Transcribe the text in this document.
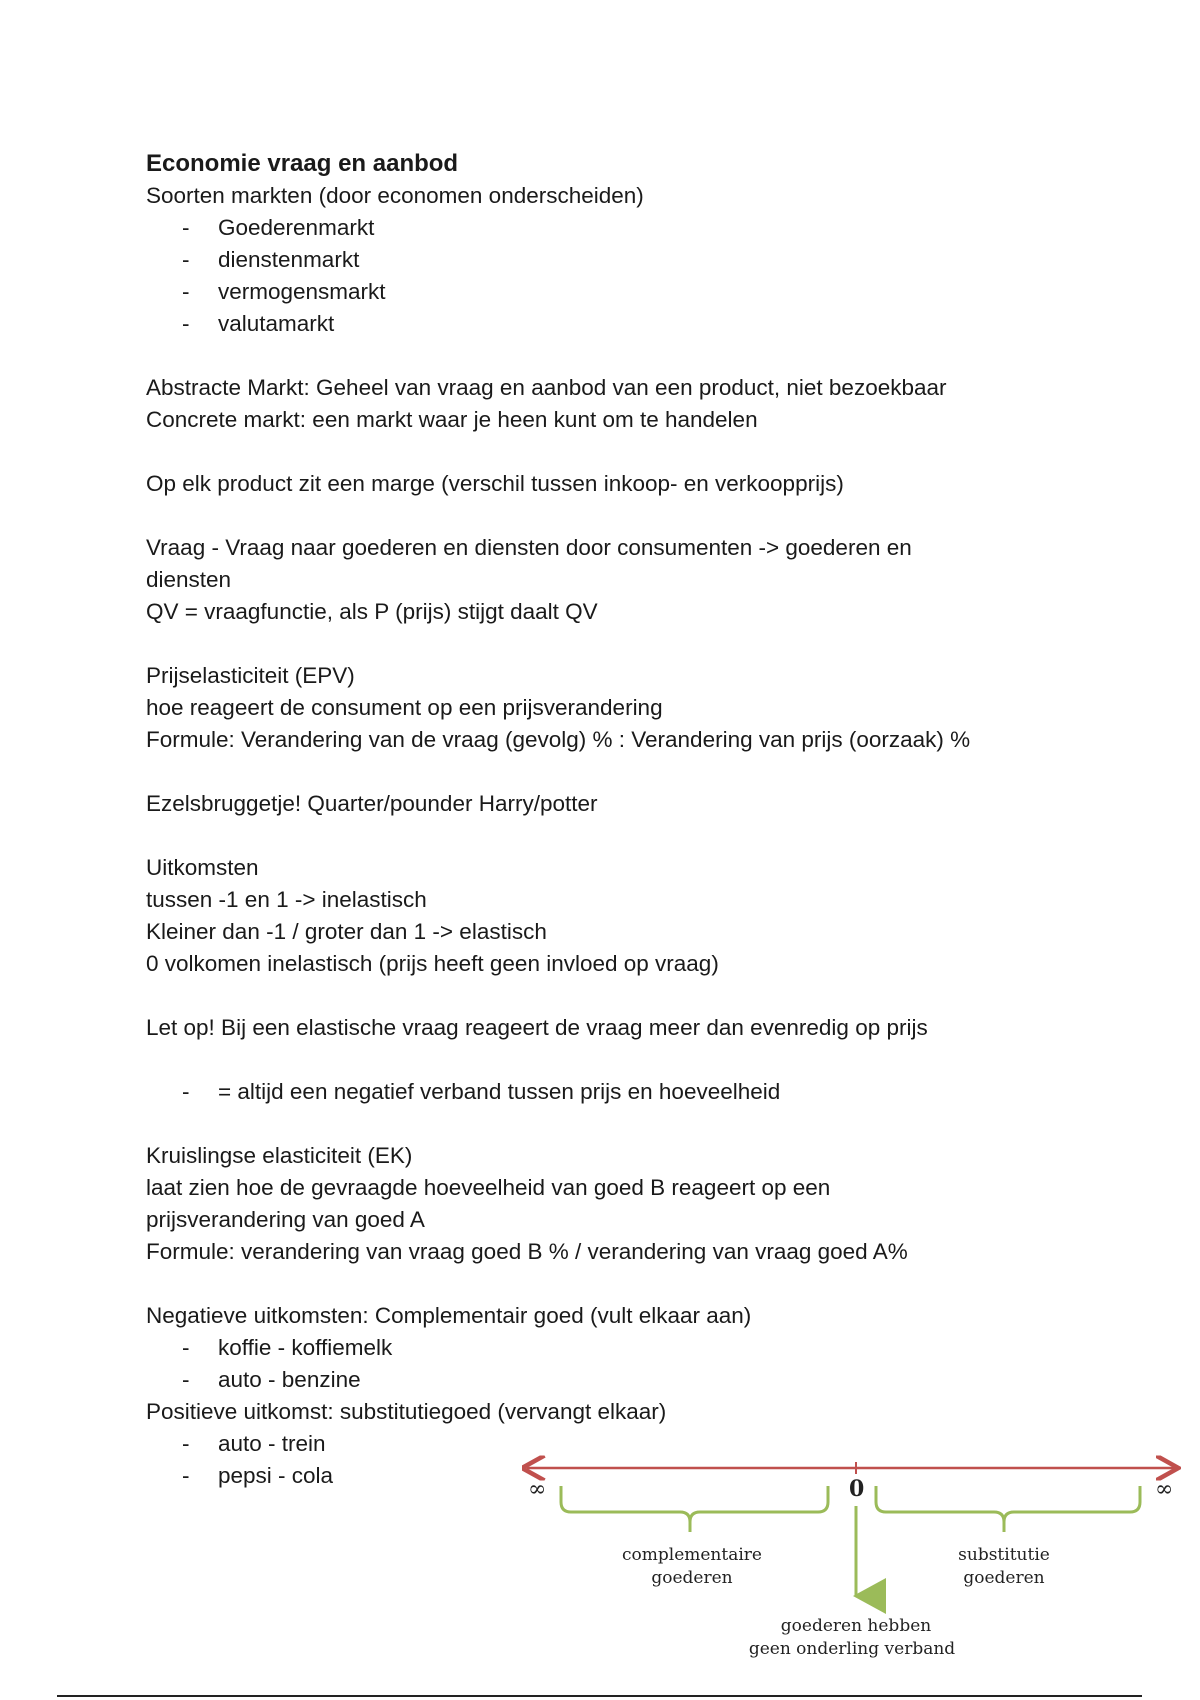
Economie vraag en aanbod
Soorten markten (door economen onderscheiden)
- Goederenmarkt
- dienstenmarkt
- vermogensmarkt
- valutamarkt
Abstracte Markt: Geheel van vraag en aanbod van een product, niet bezoekbaar
Concrete markt: een markt waar je heen kunt om te handelen
Op elk product zit een marge (verschil tussen inkoop- en verkoopprijs)
Vraag - Vraag naar goederen en diensten door consumenten -> goederen en
diensten
QV = vraagfunctie, als P (prijs) stijgt daalt QV
Prijselasticiteit (EPV)
hoe reageert de consument op een prijsverandering
Formule: Verandering van de vraag (gevolg) % : Verandering van prijs (oorzaak) %
Ezelsbruggetje! Quarter/pounder Harry/potter
Uitkomsten
tussen -1 en 1 -> inelastisch
Kleiner dan -1 / groter dan 1 -> elastisch
0 volkomen inelastisch (prijs heeft geen invloed op vraag)
Let op! Bij een elastische vraag reageert de vraag meer dan evenredig op prijs
- = altijd een negatief verband tussen prijs en hoeveelheid
Kruislingse elasticiteit (EK)
laat zien hoe de gevraagde hoeveelheid van goed B reageert op een
prijsverandering van goed A
Formule: verandering van vraag goed B % / verandering van vraag goed A%
Negatieve uitkomsten: Complementair goed (vult elkaar aan)
- koffie - koffiemelk
- auto - benzine
Positieve uitkomst: substitutiegoed (vervangt elkaar)
- auto - trein
- pepsi - cola
∞	0	∞
complementaire
goederen
substitutie
goederen
goederen hebben
geen onderling verband
